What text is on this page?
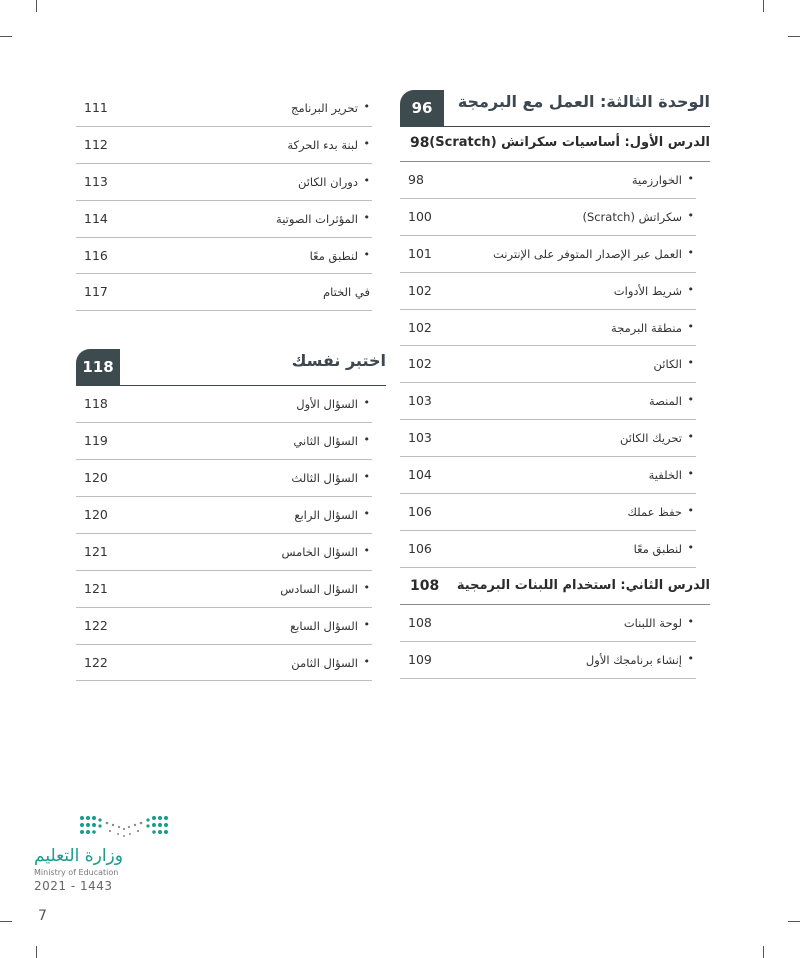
الوحدة الثالثة: العمل مع البرمجة
96
الدرس الأول: أساسيات سكراتش (Scratch)
98
•
الخوارزمية
98
•
سكراتش (Scratch)
100
•
العمل عبر الإصدار المتوفر على الإنترنت
101
•
شريط الأدوات
102
•
منطقة البرمجة
102
•
الكائن
102
•
المنصة
103
•
تحريك الكائن
103
•
الخلفية
104
•
حفظ عملك
106
•
لنطبق معًا
106
الدرس الثاني: استخدام اللبنات البرمجية
108
•
لوحة اللبنات
108
•
إنشاء برنامجك الأول
109
•
تحرير البرنامج
111
•
لبنة بدء الحركة
112
•
دوران الكائن
113
•
المؤثرات الصوتية
114
•
لنطبق معًا
116
في الختام
117
اختبر نفسك
118
•
السؤال الأول
118
•
السؤال الثاني
119
•
السؤال الثالث
120
•
السؤال الرابع
120
•
السؤال الخامس
121
•
السؤال السادس
121
•
السؤال السابع
122
•
السؤال الثامن
122
وزارة التعليم
Ministry of Education
2021 - 1443
7
